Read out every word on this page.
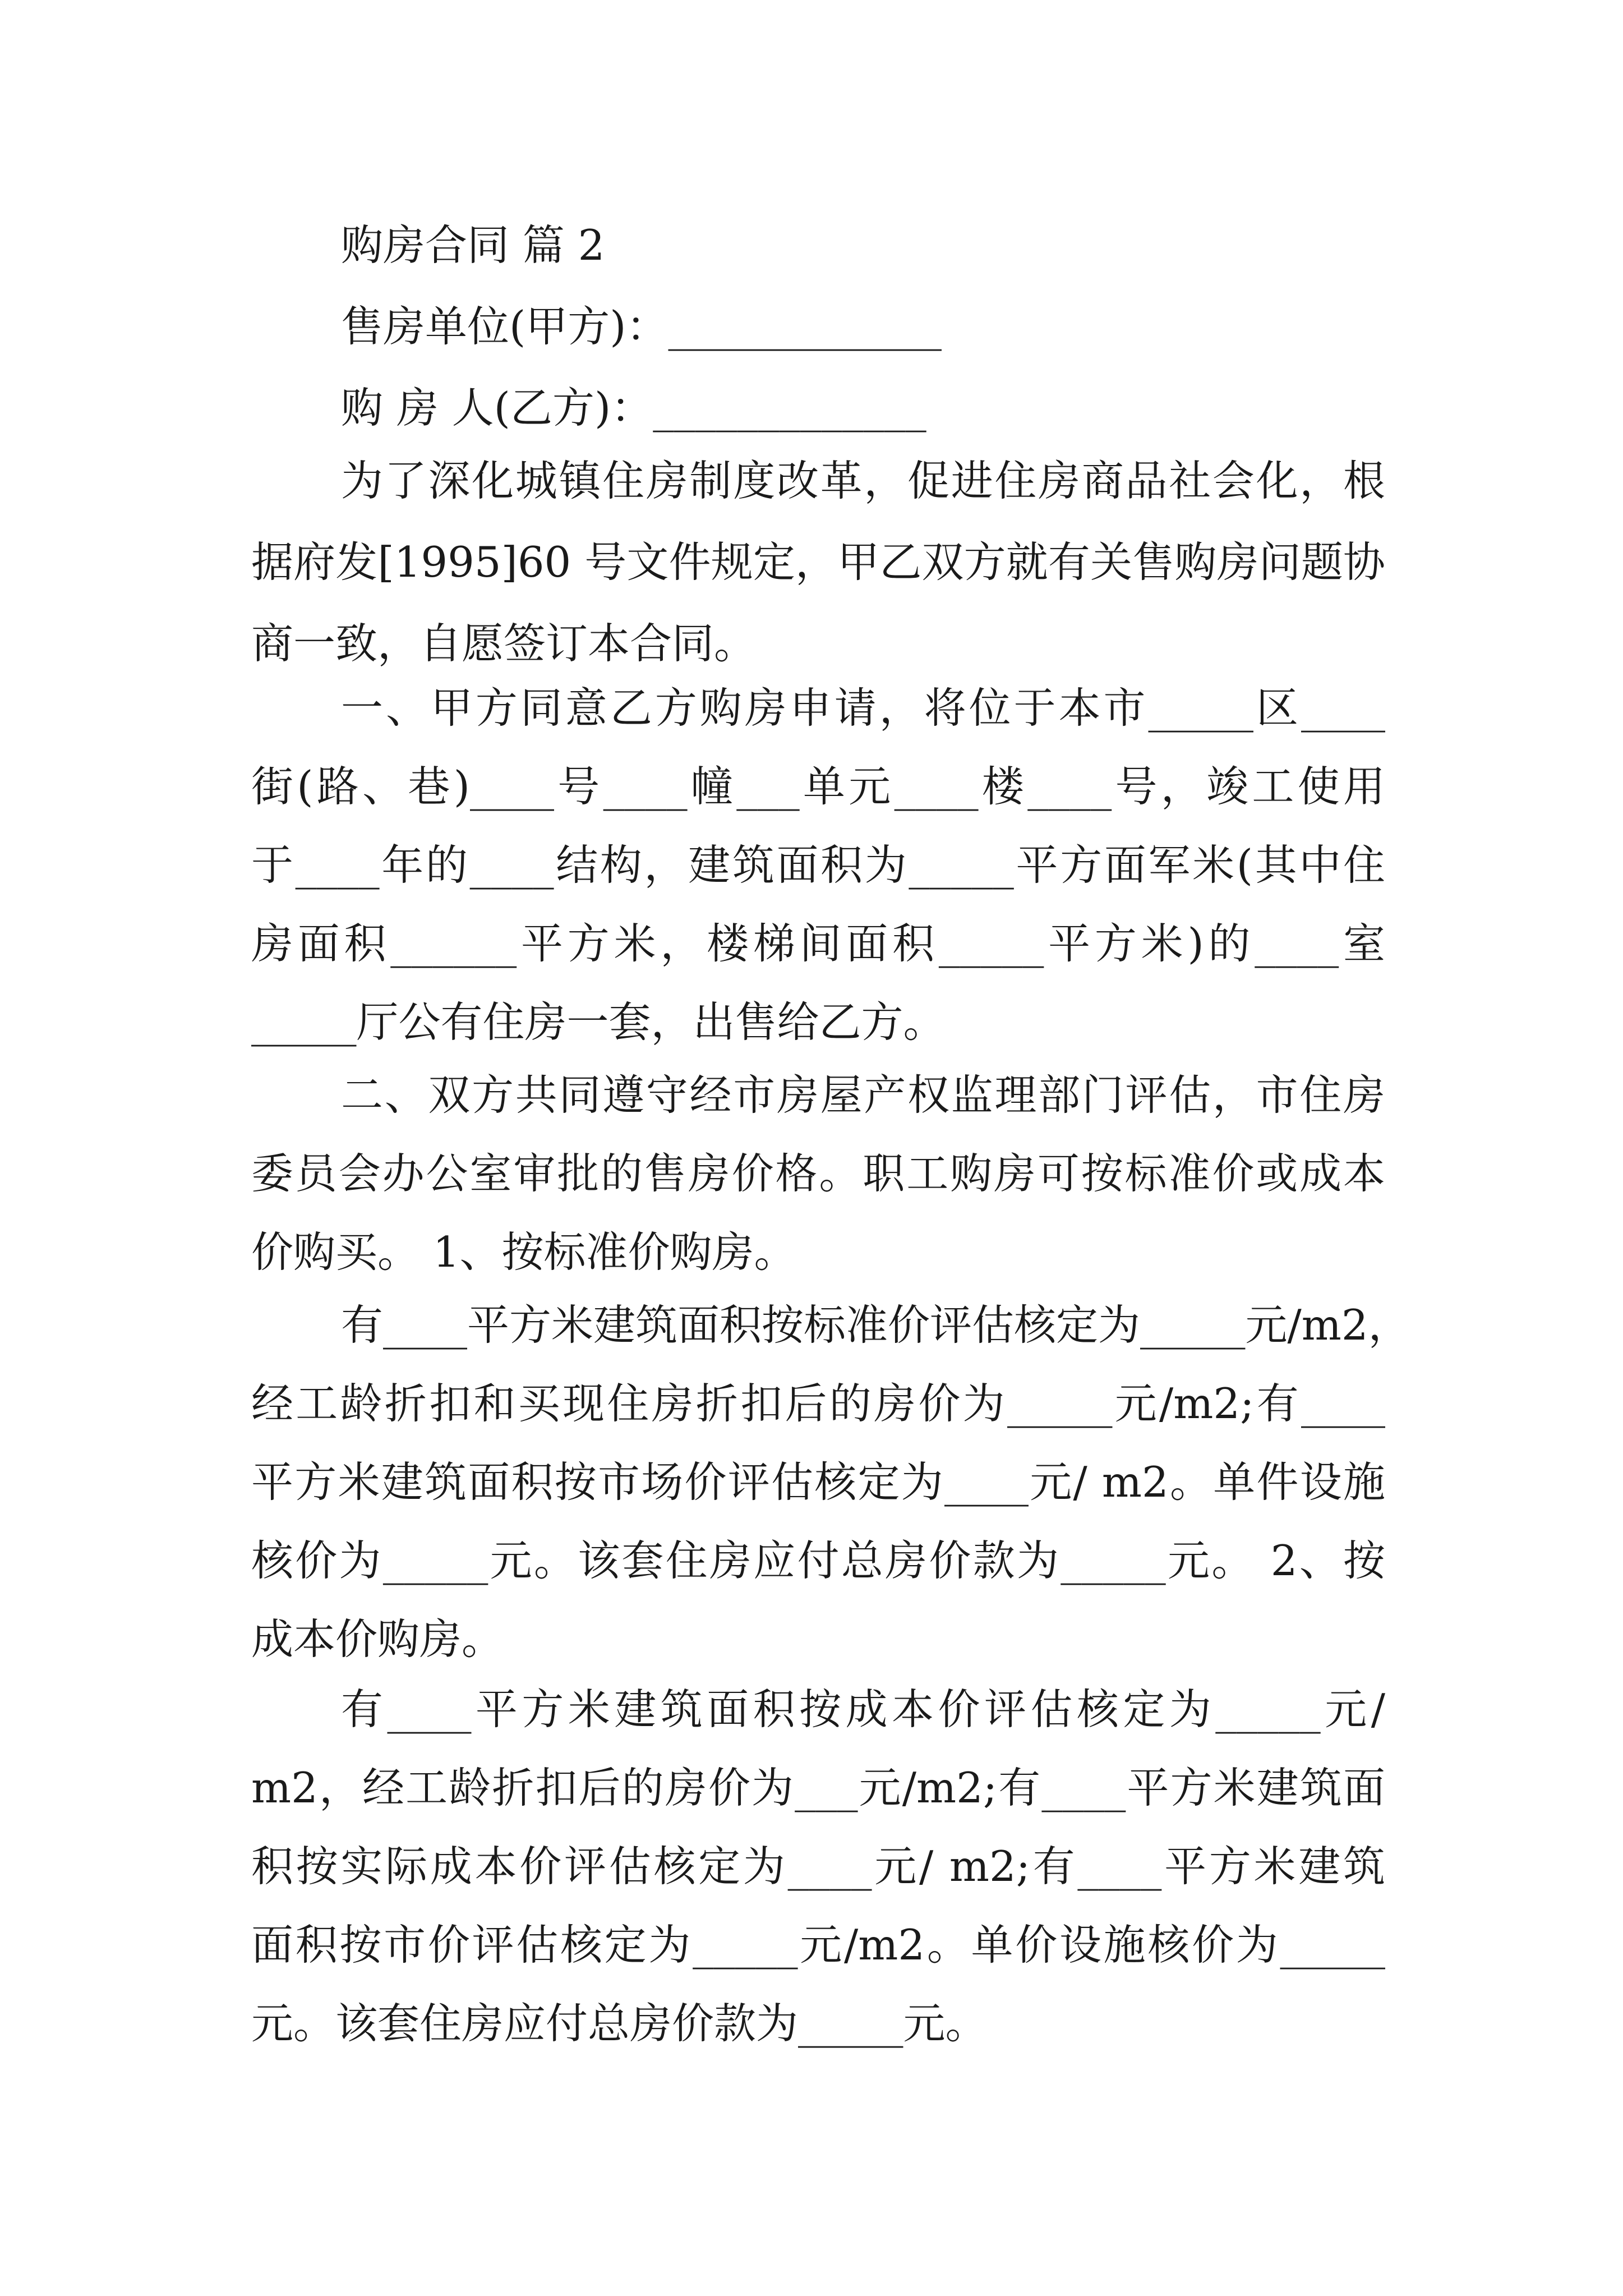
购房合同 篇 2
售房单位(甲方)：_____________
购 房 人(乙方)：_____________
为了深化城镇住房制度改革，促进住房商品社会化，根
据府发[1995]60 号文件规定，甲乙双方就有关售购房问题协
商一致，自愿签订本合同。
一、甲方同意乙方购房申请，将位于本市_____区____
街(路、巷)____号____幢___单元____楼____号，竣工使用
于____年的____结构，建筑面积为_____平方面军米(其中住
房面积______平方米，楼梯间面积_____平方米)的____室
_____厅公有住房一套，出售给乙方。
二、双方共同遵守经市房屋产权监理部门评估，市住房
委员会办公室审批的售房价格。职工购房可按标准价或成本
价购买。 1、按标准价购房。
有____平方米建筑面积按标准价评估核定为_____元/m2，
经工龄折扣和买现住房折扣后的房价为_____元/m2;有____
平方米建筑面积按市场价评估核定为____元/ m2。单件设施
核价为_____元。该套住房应付总房价款为_____元。 2、按
成本价购房。
有____平方米建筑面积按成本价评估核定为_____元/
m2，经工龄折扣后的房价为___元/m2;有____平方米建筑面
积按实际成本价评估核定为____元/ m2;有____平方米建筑
面积按市价评估核定为_____元/m2。单价设施核价为_____
元。该套住房应付总房价款为_____元。
